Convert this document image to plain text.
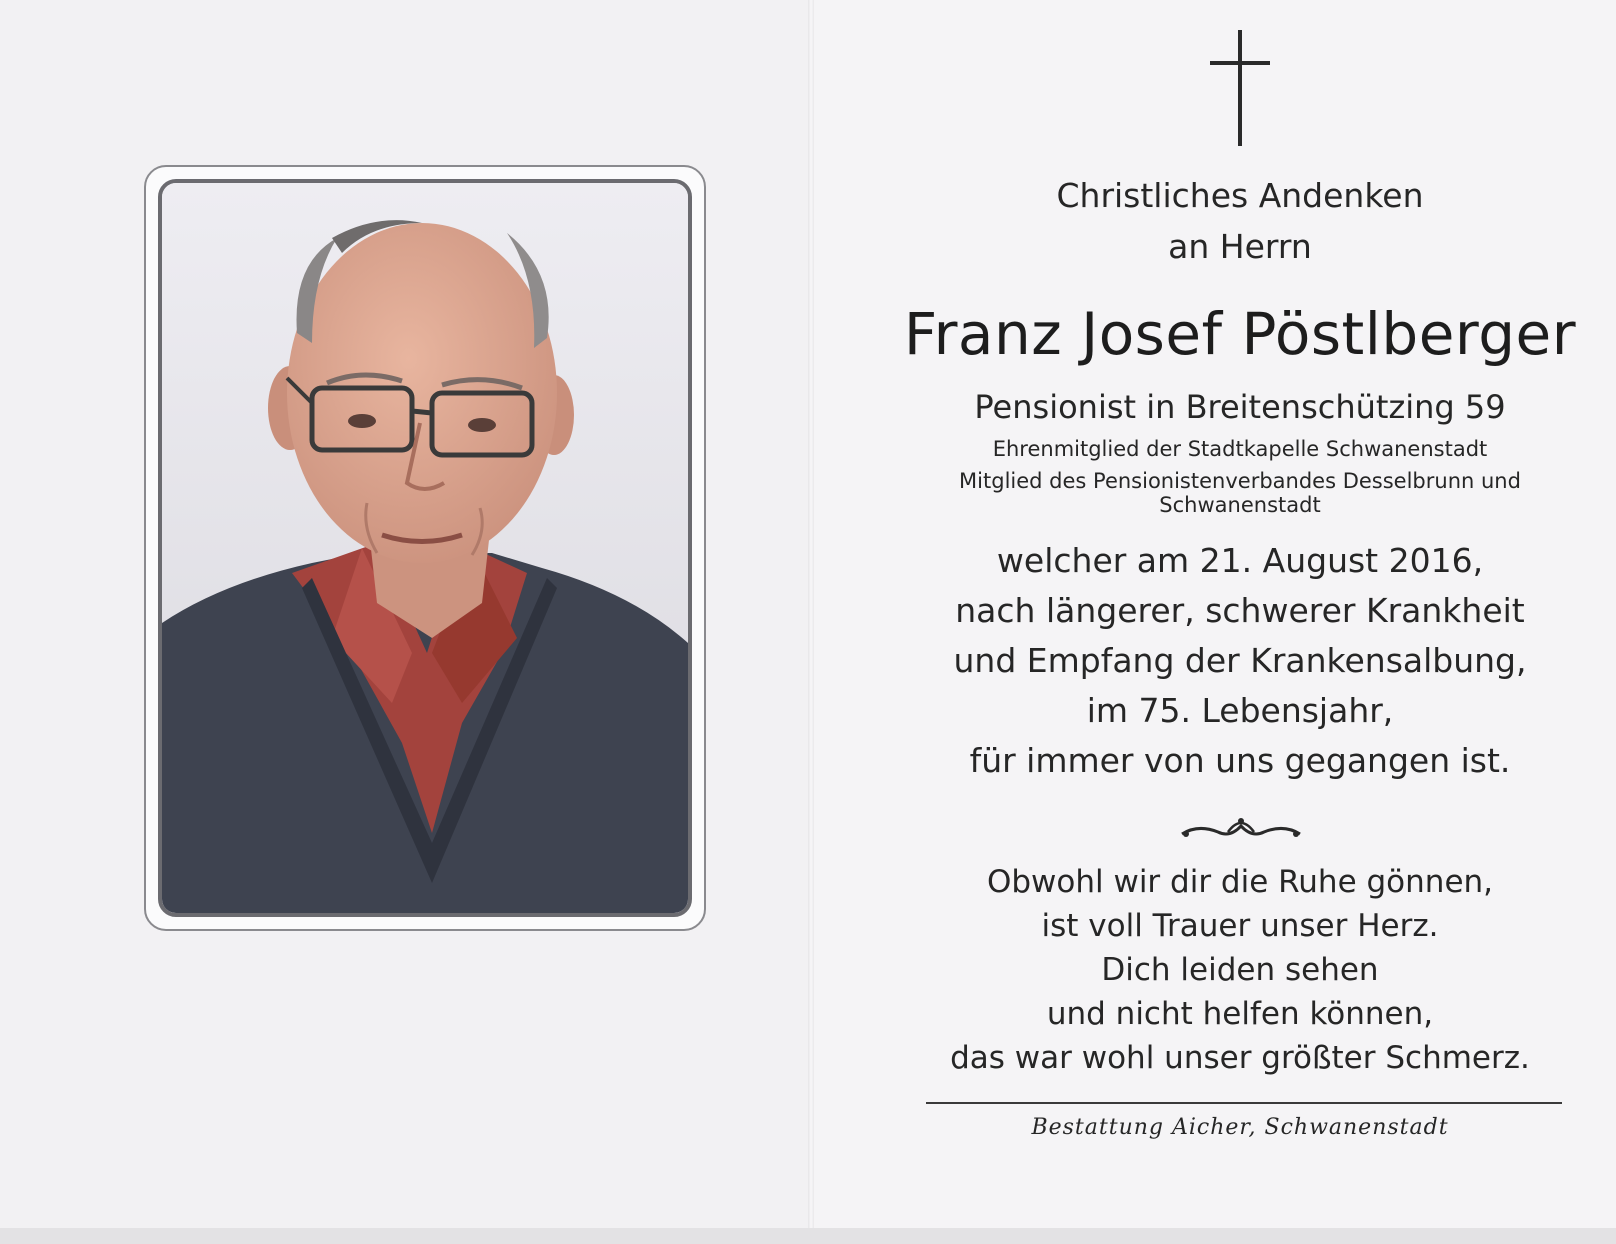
Christliches Andenken
an Herrn
Franz Josef Pöstlberger
Pensionist in Breitenschützing 59
Ehrenmitglied der Stadtkapelle Schwanenstadt
Mitglied des Pensionistenverbandes Desselbrunn und Schwanenstadt
welcher am 21. August 2016,
nach längerer, schwerer Krankheit
und Empfang der Krankensalbung,
im 75. Lebensjahr,
für immer von uns gegangen ist.
Obwohl wir dir die Ruhe gönnen,
ist voll Trauer unser Herz.
Dich leiden sehen
und nicht helfen können,
das war wohl unser größter Schmerz.
Bestattung Aicher, Schwanenstadt
